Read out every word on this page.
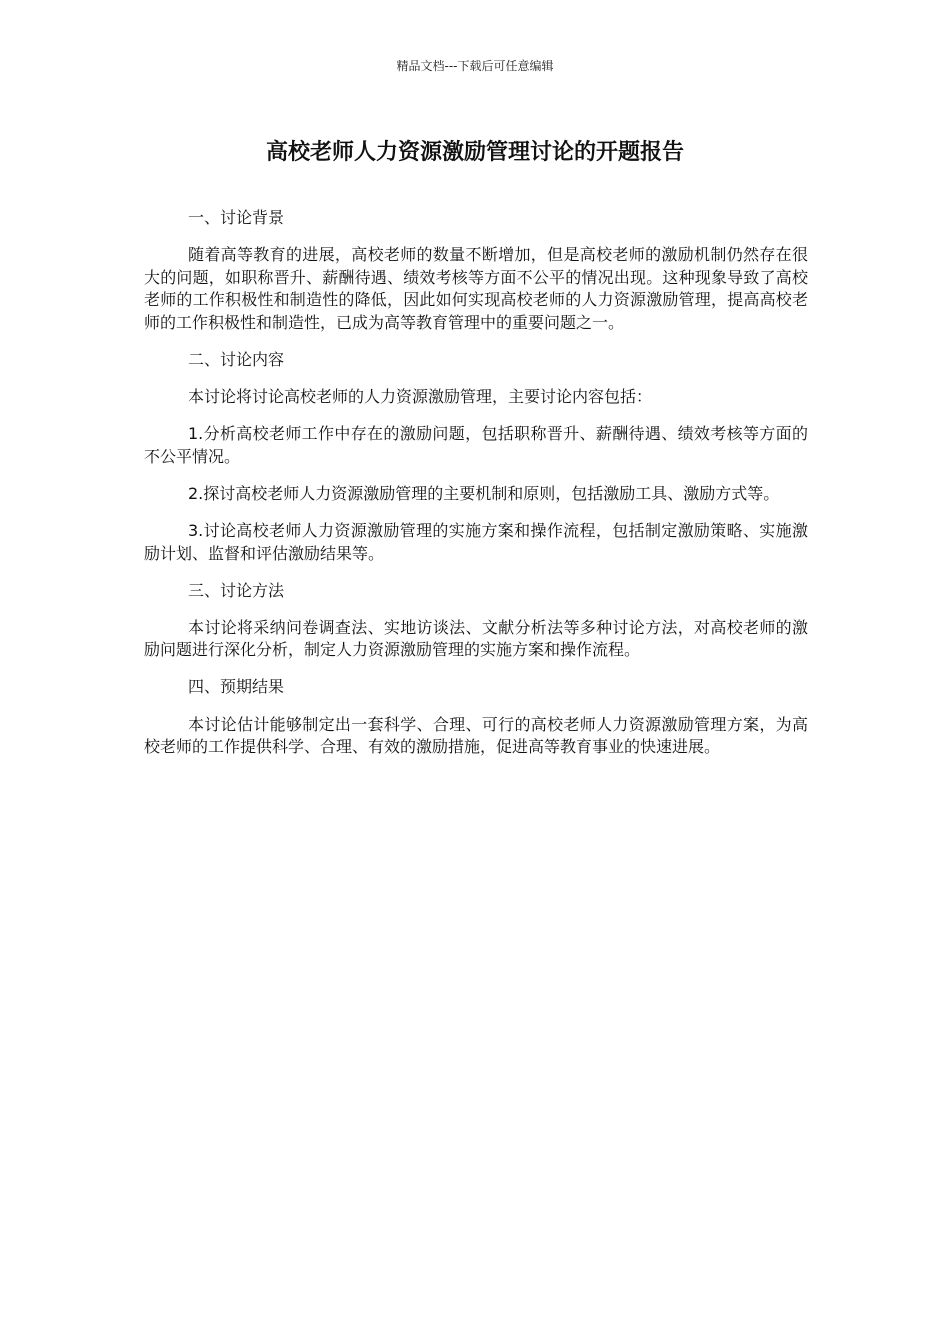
精品文档---下载后可任意编辑
高校老师人力资源激励管理讨论的开题报告

一、讨论背景

随着高等教育的进展，高校老师的数量不断增加，但是高校老师的激励机制仍然存在很大的问题，如职称晋升、薪酬待遇、绩效考核等方面不公平的情况出现。这种现象导致了高校老师的工作积极性和制造性的降低，因此如何实现高校老师的人力资源激励管理，提高高校老师的工作积极性和制造性，已成为高等教育管理中的重要问题之一。

二、讨论内容

本讨论将讨论高校老师的人力资源激励管理，主要讨论内容包括：

1.分析高校老师工作中存在的激励问题，包括职称晋升、薪酬待遇、绩效考核等方面的不公平情况。

2.探讨高校老师人力资源激励管理的主要机制和原则，包括激励工具、激励方式等。

3.讨论高校老师人力资源激励管理的实施方案和操作流程，包括制定激励策略、实施激励计划、监督和评估激励结果等。

三、讨论方法

本讨论将采纳问卷调查法、实地访谈法、文献分析法等多种讨论方法，对高校老师的激励问题进行深化分析，制定人力资源激励管理的实施方案和操作流程。

四、预期结果

本讨论估计能够制定出一套科学、合理、可行的高校老师人力资源激励管理方案，为高校老师的工作提供科学、合理、有效的激励措施，促进高等教育事业的快速进展。
